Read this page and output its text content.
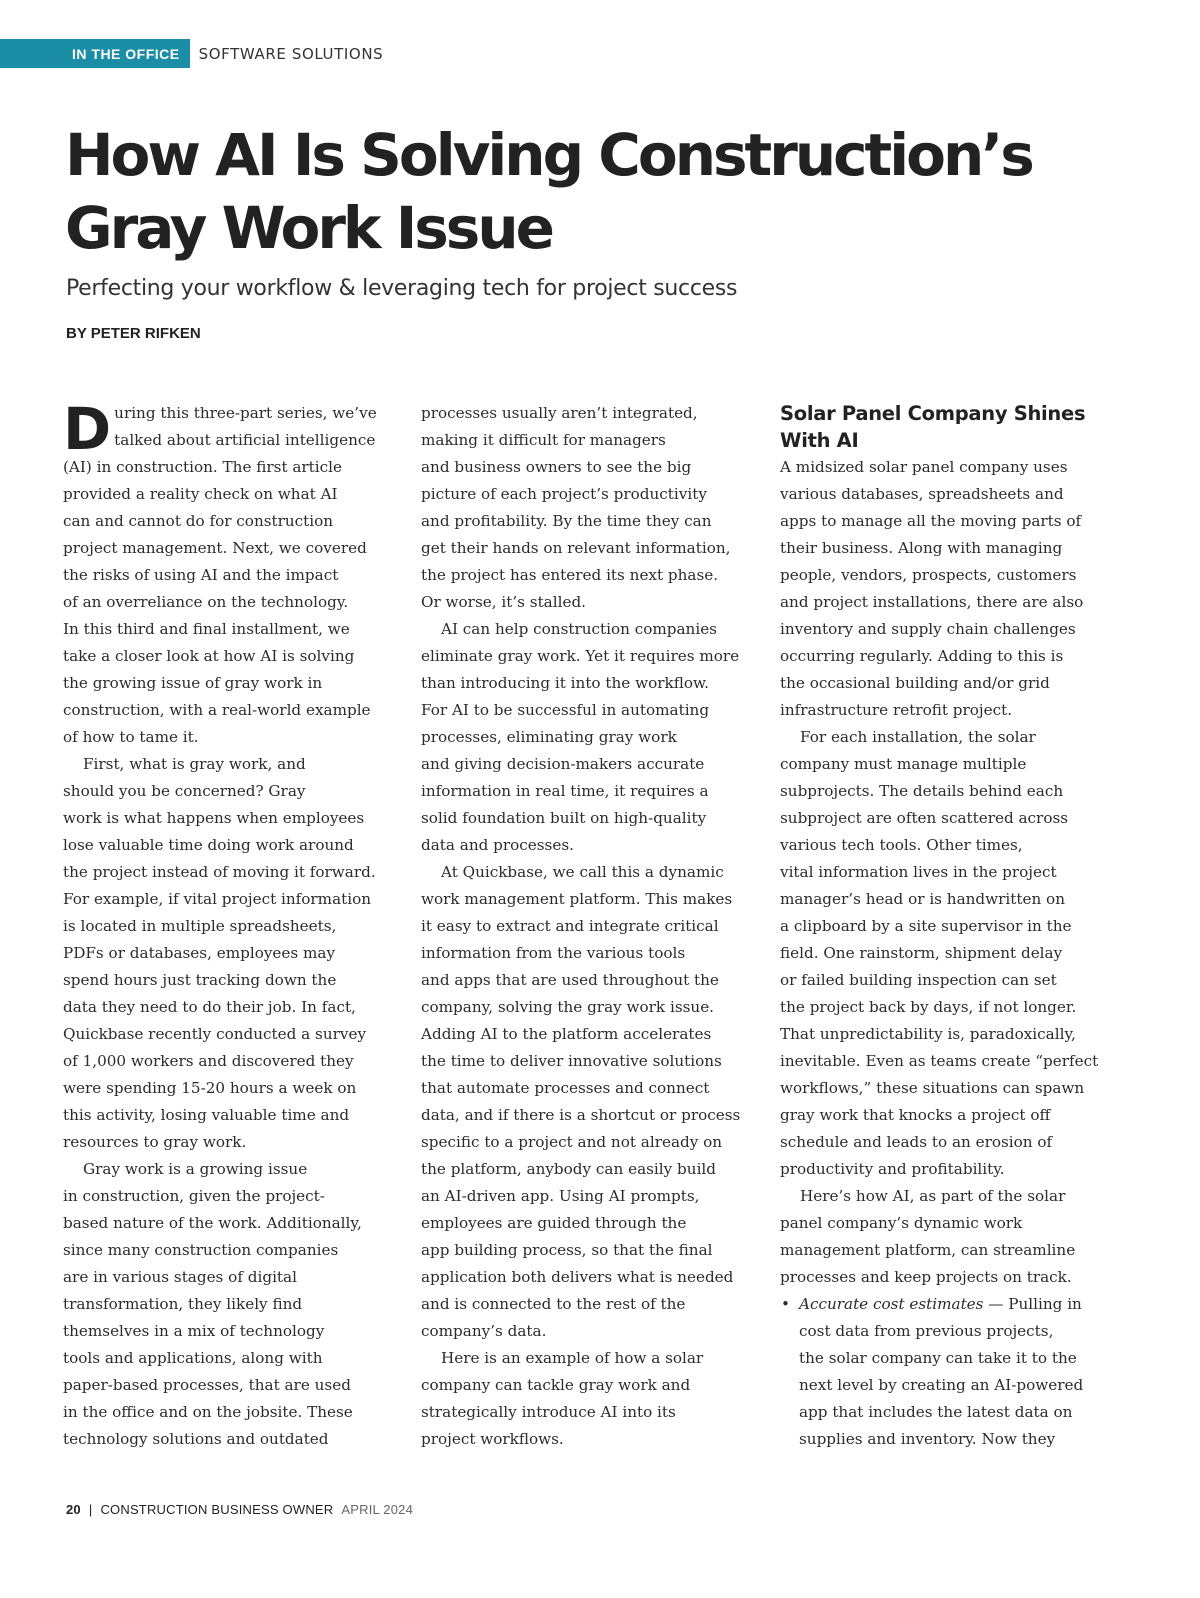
IN THE OFFICE	SOFTWARE SOLUTIONS
How AI Is Solving Construction’s
Gray Work Issue
Perfecting your workflow & leveraging tech for project success
BY PETER RIFKEN

D uring this three-part series, we’ve
talked about artificial intelligence
(AI) in construction. The first article
provided a reality check on what AI
can and cannot do for construction
project management. Next, we covered
the risks of using AI and the impact
of an overreliance on the technology.
In this third and final installment, we
take a closer look at how AI is solving
the growing issue of gray work in
construction, with a real-world example
of how to tame it.

First, what is gray work, and
should you be concerned? Gray
work is what happens when employees
lose valuable time doing work around
the project instead of moving it forward.
For example, if vital project information
is located in multiple spreadsheets,
PDFs or databases, employees may
spend hours just tracking down the
data they need to do their job. In fact,
Quickbase recently conducted a survey
of 1,000 workers and discovered they
were spending 15-20 hours a week on
this activity, losing valuable time and
resources to gray work.

Gray work is a growing issue
in construction, given the project-
based nature of the work. Additionally,
since many construction companies
are in various stages of digital
transformation, they likely find
themselves in a mix of technology
tools and applications, along with
paper-based processes, that are used
in the office and on the jobsite. These
technology solutions and outdated

processes usually aren’t integrated,
making it difficult for managers
and business owners to see the big
picture of each project’s productivity
and profitability. By the time they can
get their hands on relevant information,
the project has entered its next phase.
Or worse, it’s stalled.

AI can help construction companies
eliminate gray work. Yet it requires more
than introducing it into the workflow.
For AI to be successful in automating
processes, eliminating gray work
and giving decision-makers accurate
information in real time, it requires a
solid foundation built on high-quality
data and processes.

At Quickbase, we call this a dynamic
work management platform. This makes
it easy to extract and integrate critical
information from the various tools
and apps that are used throughout the
company, solving the gray work issue.
Adding AI to the platform accelerates
the time to deliver innovative solutions
that automate processes and connect
data, and if there is a shortcut or process
specific to a project and not already on
the platform, anybody can easily build
an AI-driven app. Using AI prompts,
employees are guided through the
app building process, so that the final
application both delivers what is needed
and is connected to the rest of the
company’s data.

Here is an example of how a solar
company can tackle gray work and
strategically introduce AI into its
project workflows.

Solar Panel Company Shines
With AI

A midsized solar panel company uses
various databases, spreadsheets and
apps to manage all the moving parts of
their business. Along with managing
people, vendors, prospects, customers
and project installations, there are also
inventory and supply chain challenges
occurring regularly. Adding to this is
the occasional building and/or grid
infrastructure retrofit project.

For each installation, the solar
company must manage multiple
subprojects. The details behind each
subproject are often scattered across
various tech tools. Other times,
vital information lives in the project
manager’s head or is handwritten on
a clipboard by a site supervisor in the
field. One rainstorm, shipment delay
or failed building inspection can set
the project back by days, if not longer.
That unpredictability is, paradoxically,
inevitable. Even as teams create “perfect
workflows,” these situations can spawn
gray work that knocks a project off
schedule and leads to an erosion of
productivity and profitability.

Here’s how AI, as part of the solar
panel company’s dynamic work
management platform, can streamline
processes and keep projects on track.

• Accurate cost estimates — Pulling in
cost data from previous projects,
the solar company can take it to the
next level by creating an AI-powered
app that includes the latest data on
supplies and inventory. Now they
20 | CONSTRUCTION BUSINESS OWNER APRIL 2024
